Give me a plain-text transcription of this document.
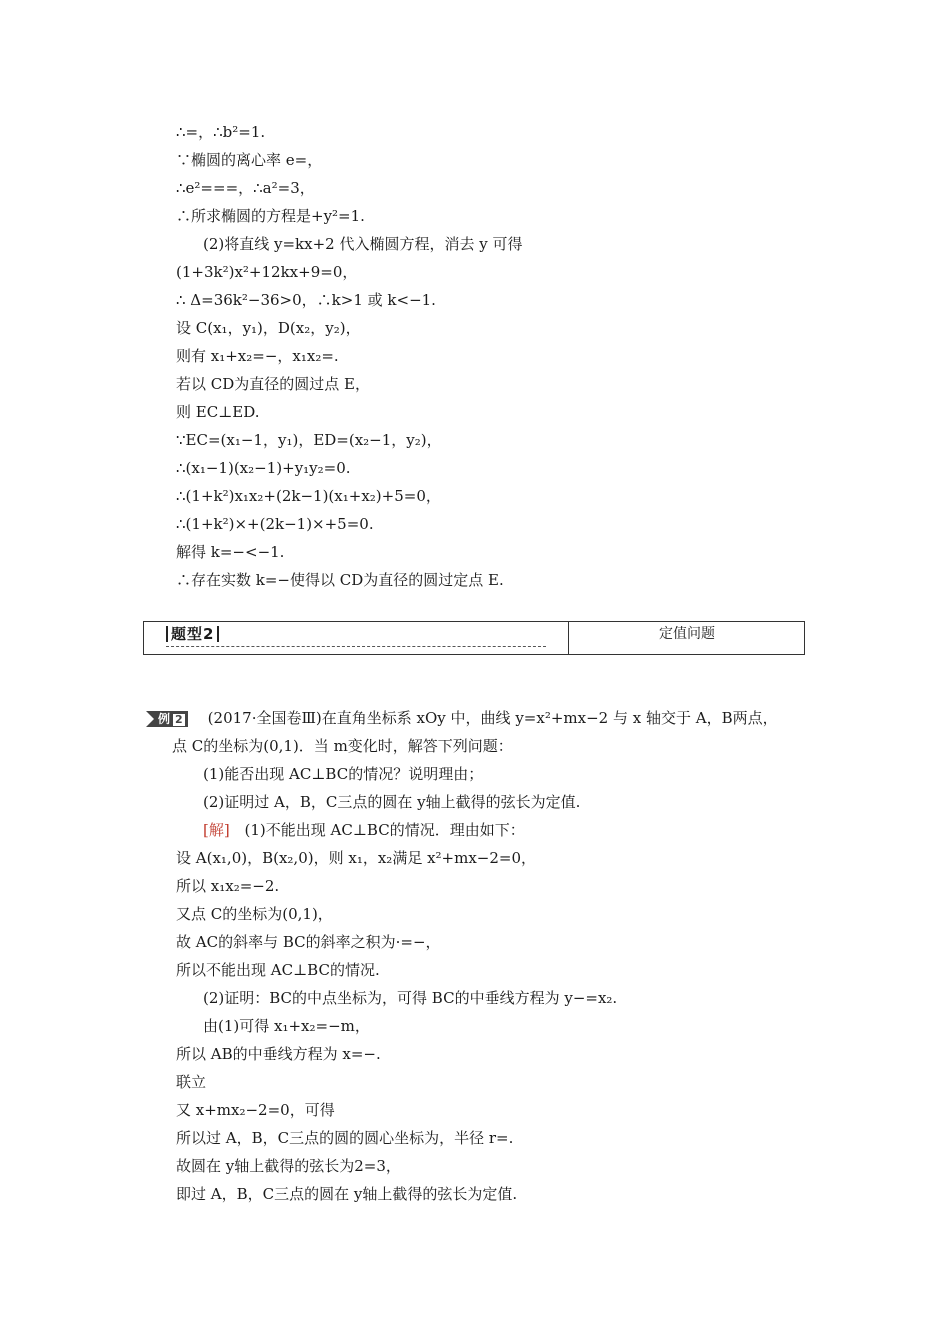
∴=，∴b²=1.
∵椭圆的离心率 e=，
∴e²===，∴a²=3，
∴所求椭圆的方程是+y²=1.
(2)将直线 y=kx+2 代入椭圆方程，消去 y 可得
(1+3k²)x²+12kx+9=0，
∴ Δ=36k²−36>0，∴k>1 或 k<−1.
设 C(x₁，y₁)，D(x₂，y₂)，
则有 x₁+x₂=−，x₁x₂=.
若以 CD为直径的圆过点 E，
则 EC⊥ED.
∵EC=(x₁−1，y₁)，ED=(x₂−1，y₂)，
∴(x₁−1)(x₂−1)+y₁y₂=0.
∴(1+k²)x₁x₂+(2k−1)(x₁+x₂)+5=0，
∴(1+k²)×+(2k−1)×+5=0.
解得 k=−<−1.
∴存在实数 k=−使得以 CD为直径的圆过定点 E.
题型2	定值问题
例 2 (2017·全国卷Ⅲ)在直角坐标系 xOy 中，曲线 y=x²+mx−2 与 x 轴交于 A，B两点，
点 C的坐标为(0,1)．当 m变化时，解答下列问题：
(1)能否出现 AC⊥BC的情况？说明理由；
(2)证明过 A，B，C三点的圆在 y轴上截得的弦长为定值.
[解] (1)不能出现 AC⊥BC的情况．理由如下：
设 A(x₁,0)，B(x₂,0)，则 x₁，x₂满足 x²+mx−2=0，
所以 x₁x₂=−2.
又点 C的坐标为(0,1)，
故 AC的斜率与 BC的斜率之积为·=−，
所以不能出现 AC⊥BC的情况.
(2)证明：BC的中点坐标为，可得 BC的中垂线方程为 y−=x₂.
由(1)可得 x₁+x₂=−m，
所以 AB的中垂线方程为 x=−.
联立
又 x+mx₂−2=0，可得
所以过 A，B，C三点的圆的圆心坐标为，半径 r=.
故圆在 y轴上截得的弦长为2=3，
即过 A，B，C三点的圆在 y轴上截得的弦长为定值.
